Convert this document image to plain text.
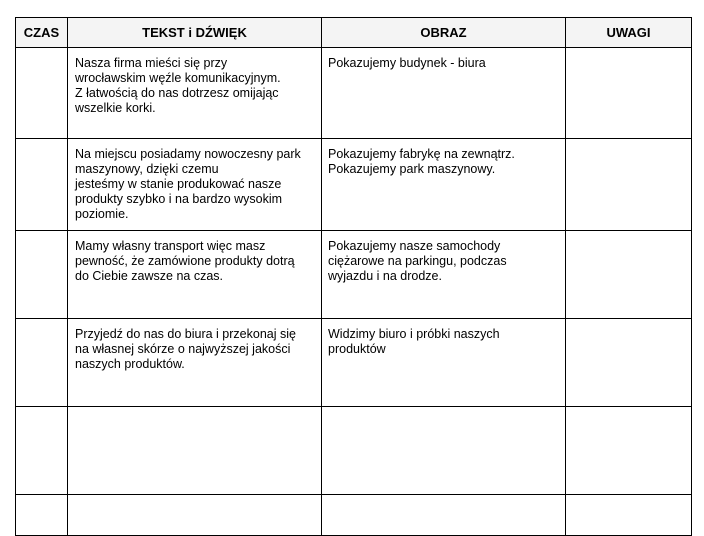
CZAS	TEKST i DŹWIĘK	OBRAZ	UWAGI

	Nasza firma mieści się przy
wrocławskim węźle komunikacyjnym.
Z łatwością do nas dotrzesz omijając
wszelkie korki.	Pokazujemy budynek - biura	

	Na miejscu posiadamy nowoczesny park
maszynowy, dzięki czemu
jesteśmy w stanie produkować nasze
produkty szybko i na bardzo wysokim
poziomie.	Pokazujemy fabrykę na zewnątrz.
Pokazujemy park maszynowy.	

	Mamy własny transport więc masz
pewność, że zamówione produkty dotrą
do Ciebie zawsze na czas.	Pokazujemy nasze samochody
ciężarowe na parkingu, podczas
wyjazdu i na drodze.	

	Przyjedź do nas do biura i przekonaj się
na własnej skórze o najwyższej jakości
naszych produktów.	Widzimy biuro i próbki naszych
produktów	
